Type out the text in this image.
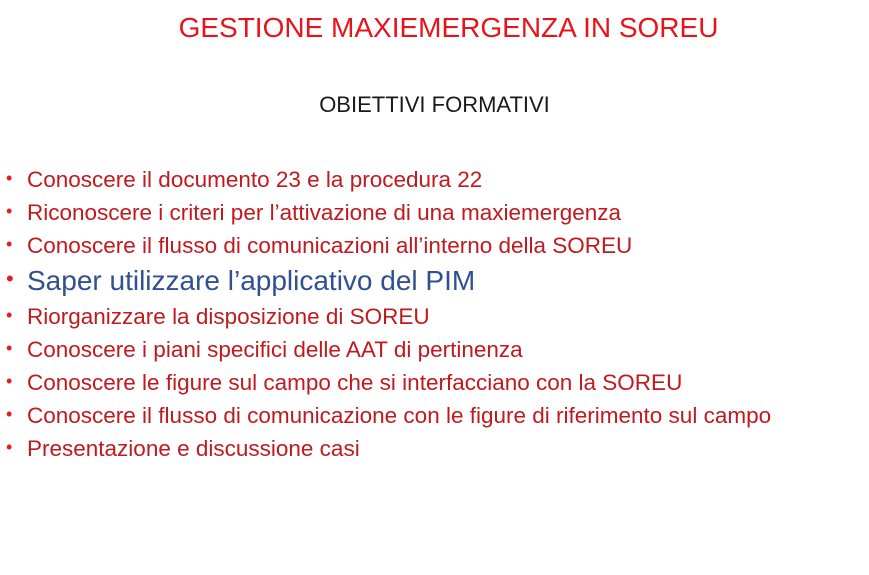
GESTIONE MAXIEMERGENZA IN SOREU
OBIETTIVI FORMATIVI
• Conoscere il documento 23 e la procedura 22
• Riconoscere i criteri per l’attivazione di una maxiemergenza
• Conoscere il flusso di comunicazioni all’interno della SOREU
• Saper utilizzare l’applicativo del PIM
• Riorganizzare la disposizione di SOREU
• Conoscere i piani specifici delle AAT di pertinenza
• Conoscere le figure sul campo che si interfacciano con la SOREU
• Conoscere il flusso di comunicazione con le figure di riferimento sul campo
• Presentazione e discussione casi
